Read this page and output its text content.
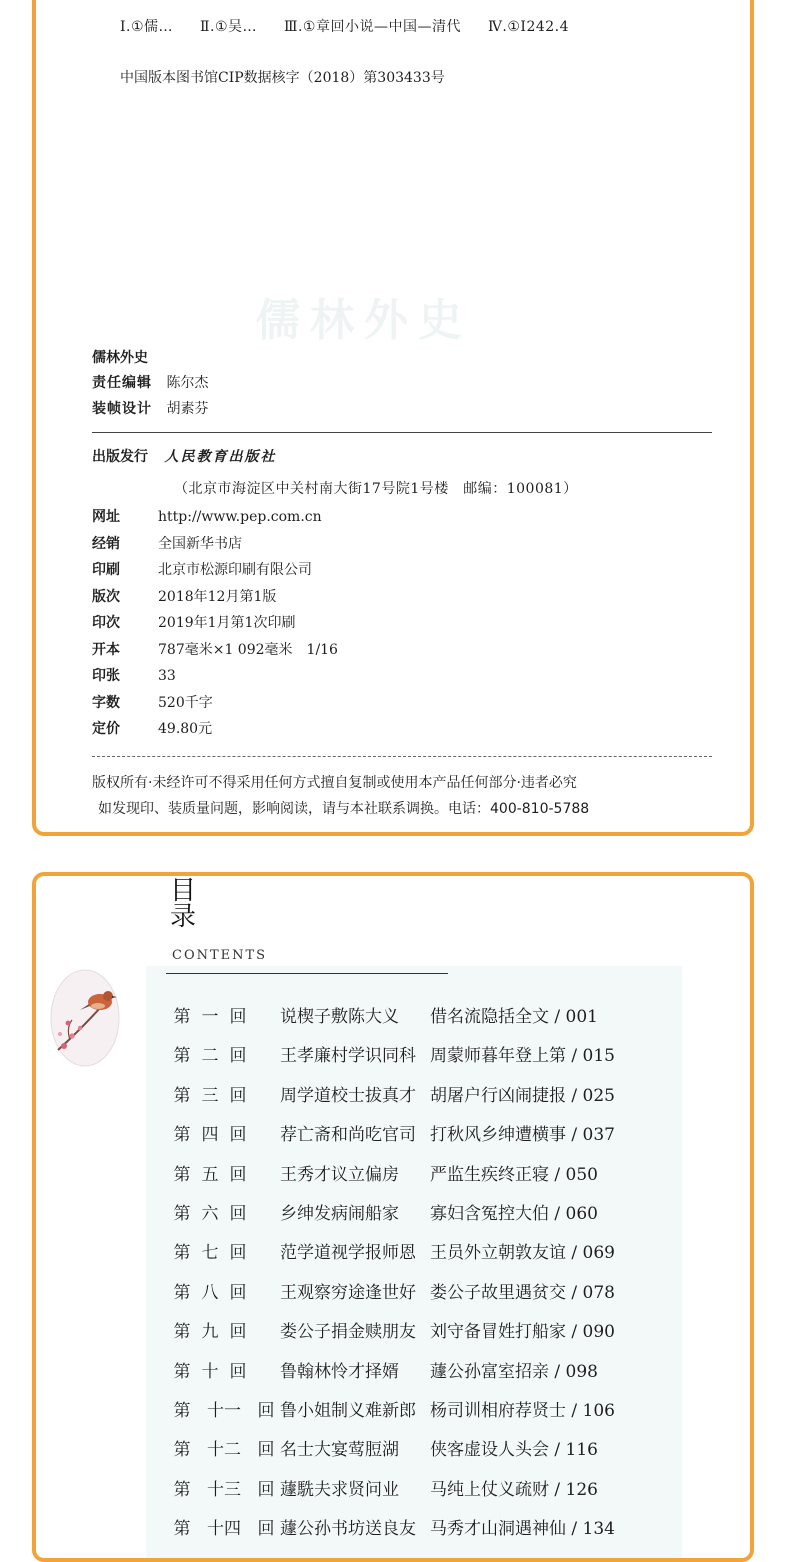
Ⅰ.①儒… Ⅱ.①吴… Ⅲ.①章回小说—中国—清代 Ⅳ.①I242.4
中国版本图书馆CIP数据核字（2018）第303433号
儒林外史
儒林外史
责任编辑 陈尔杰
装帧设计 胡素芬
出版发行 人民教育出版社
（北京市海淀区中关村南大街17号院1号楼　邮编：100081）
网址	http://www.pep.com.cn
经销	全国新华书店
印刷	北京市松源印刷有限公司
版次	2018年12月第1版
印次	2019年1月第1次印刷
开本	787毫米×1 092毫米　1/16
印张	33
字数	520千字
定价	49.80元
版权所有·未经许可不得采用任何方式擅自复制或使用本产品任何部分·违者必究
如发现印、装质量问题，影响阅读，请与本社联系调换。电话：400-810-5788
目
录
CONTENTS
第 一 回 说楔子敷陈大义 借名流隐括全文 / 001
第 二 回 王孝廉村学识同科 周蒙师暮年登上第 / 015
第 三 回 周学道校士拔真才 胡屠户行凶闹捷报 / 025
第 四 回 荐亡斋和尚吃官司 打秋风乡绅遭横事 / 037
第 五 回 王秀才议立偏房 严监生疾终正寝 / 050
第 六 回 乡绅发病闹船家 寡妇含冤控大伯 / 060
第 七 回 范学道视学报师恩 王员外立朝敦友谊 / 069
第 八 回 王观察穷途逢世好 娄公子故里遇贫交 / 078
第 九 回 娄公子捐金赎朋友 刘守备冒姓打船家 / 090
第 十 回 鲁翰林怜才择婿 蘧公孙富室招亲 / 098
第 十一 回 鲁小姐制义难新郎 杨司训相府荐贤士 / 106
第 十二 回 名士大宴莺脰湖 侠客虚设人头会 / 116
第 十三 回 蘧駪夫求贤问业 马纯上仗义疏财 / 126
第 十四 回 蘧公孙书坊送良友 马秀才山洞遇神仙 / 134
